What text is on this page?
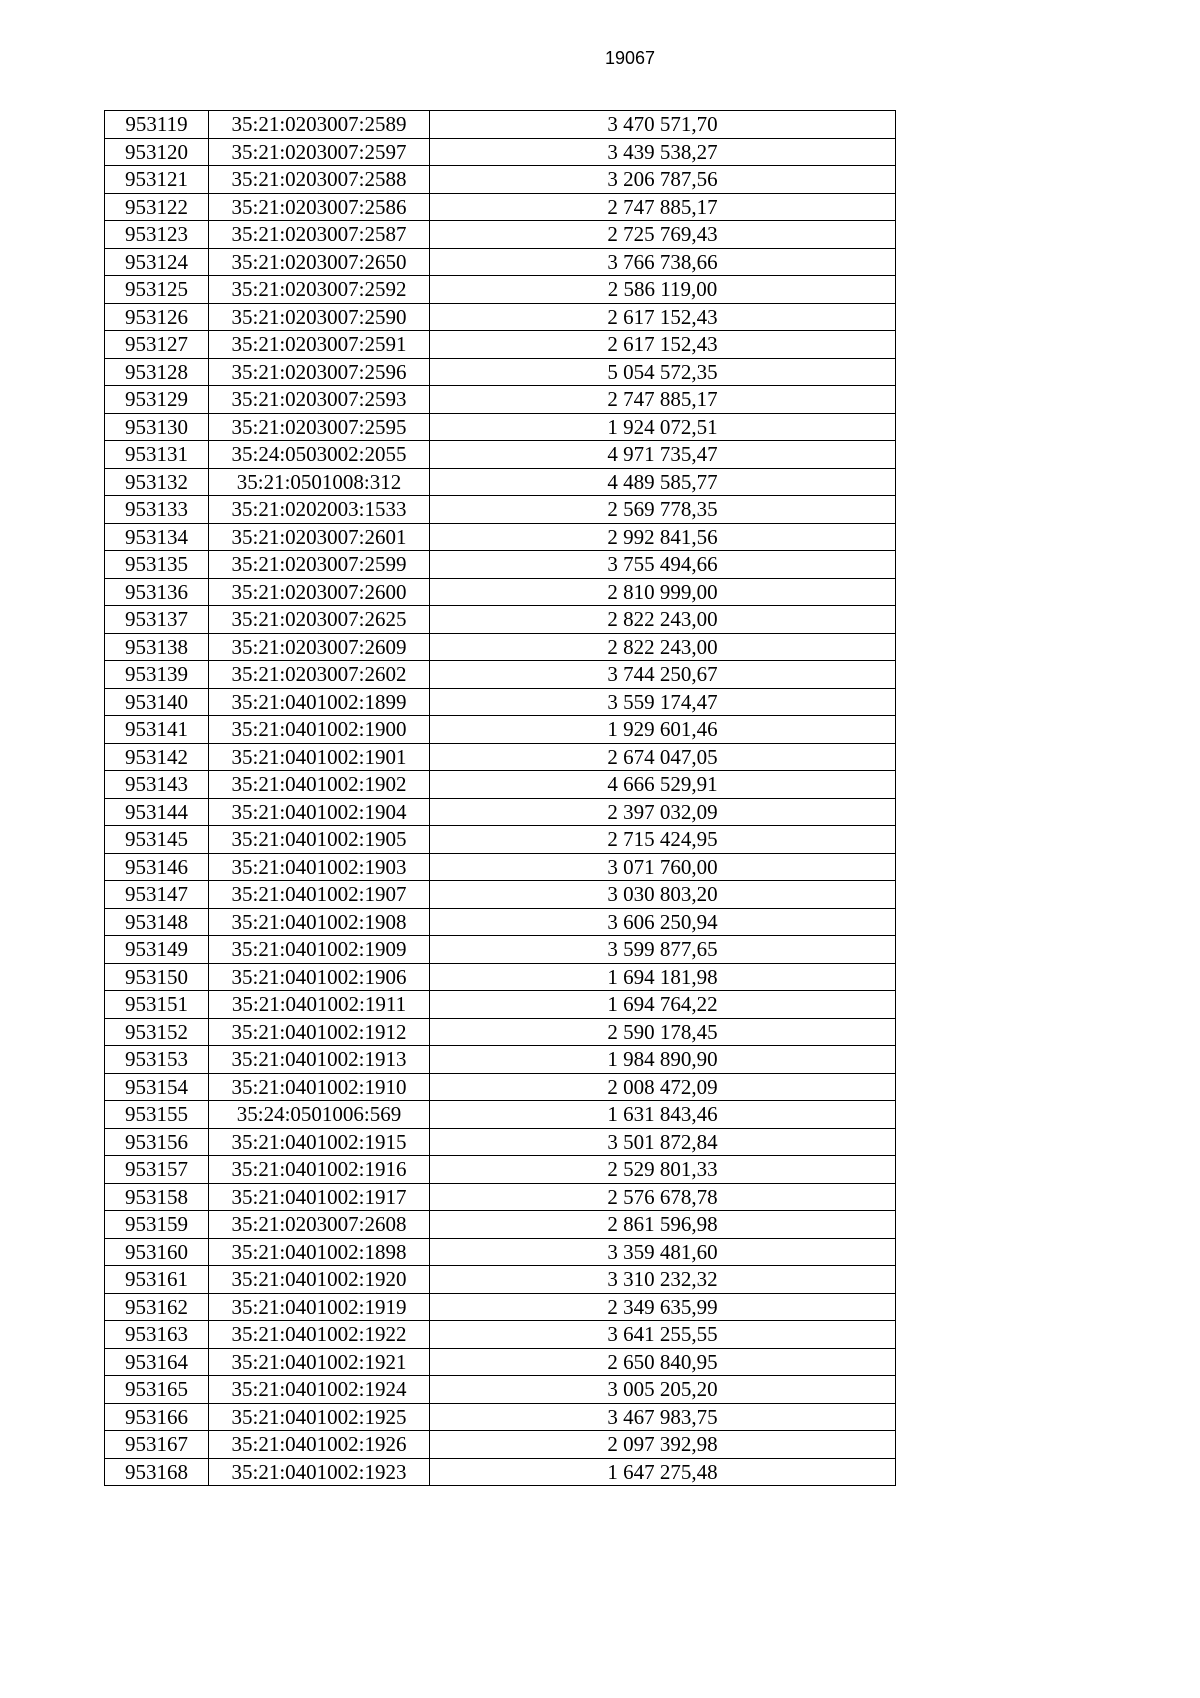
19067
953119	35:21:0203007:2589	3 470 571,70
953120	35:21:0203007:2597	3 439 538,27
953121	35:21:0203007:2588	3 206 787,56
953122	35:21:0203007:2586	2 747 885,17
953123	35:21:0203007:2587	2 725 769,43
953124	35:21:0203007:2650	3 766 738,66
953125	35:21:0203007:2592	2 586 119,00
953126	35:21:0203007:2590	2 617 152,43
953127	35:21:0203007:2591	2 617 152,43
953128	35:21:0203007:2596	5 054 572,35
953129	35:21:0203007:2593	2 747 885,17
953130	35:21:0203007:2595	1 924 072,51
953131	35:24:0503002:2055	4 971 735,47
953132	35:21:0501008:312	4 489 585,77
953133	35:21:0202003:1533	2 569 778,35
953134	35:21:0203007:2601	2 992 841,56
953135	35:21:0203007:2599	3 755 494,66
953136	35:21:0203007:2600	2 810 999,00
953137	35:21:0203007:2625	2 822 243,00
953138	35:21:0203007:2609	2 822 243,00
953139	35:21:0203007:2602	3 744 250,67
953140	35:21:0401002:1899	3 559 174,47
953141	35:21:0401002:1900	1 929 601,46
953142	35:21:0401002:1901	2 674 047,05
953143	35:21:0401002:1902	4 666 529,91
953144	35:21:0401002:1904	2 397 032,09
953145	35:21:0401002:1905	2 715 424,95
953146	35:21:0401002:1903	3 071 760,00
953147	35:21:0401002:1907	3 030 803,20
953148	35:21:0401002:1908	3 606 250,94
953149	35:21:0401002:1909	3 599 877,65
953150	35:21:0401002:1906	1 694 181,98
953151	35:21:0401002:1911	1 694 764,22
953152	35:21:0401002:1912	2 590 178,45
953153	35:21:0401002:1913	1 984 890,90
953154	35:21:0401002:1910	2 008 472,09
953155	35:24:0501006:569	1 631 843,46
953156	35:21:0401002:1915	3 501 872,84
953157	35:21:0401002:1916	2 529 801,33
953158	35:21:0401002:1917	2 576 678,78
953159	35:21:0203007:2608	2 861 596,98
953160	35:21:0401002:1898	3 359 481,60
953161	35:21:0401002:1920	3 310 232,32
953162	35:21:0401002:1919	2 349 635,99
953163	35:21:0401002:1922	3 641 255,55
953164	35:21:0401002:1921	2 650 840,95
953165	35:21:0401002:1924	3 005 205,20
953166	35:21:0401002:1925	3 467 983,75
953167	35:21:0401002:1926	2 097 392,98
953168	35:21:0401002:1923	1 647 275,48
